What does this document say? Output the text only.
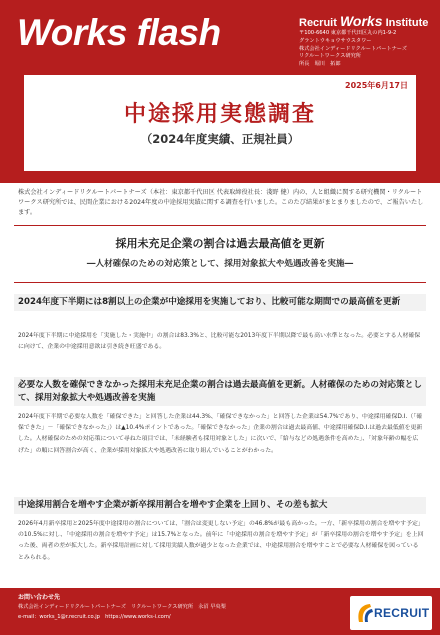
Works flash	Recruit Works Institute
〒100-6640 東京都千代田区丸の内1-9-2
グラントウキョウサウスタワー
株式会社インディードリクルートパートナーズ
リクルートワークス研究所
所長　堀川　拓郎
2025年6月17日
中途採用実態調査
（2024年度実績、正規社員）

株式会社インディードリクルートパートナーズ（本社：東京都千代田区 代表取締役社長：淺野 健）内の、人と組織に関する研究機関・リクルートワークス研究所では、民間企業における2024年度の中途採用実績に関する調査を行いました。このたび結果がまとまりましたので、ご報告いたします。

採用未充足企業の割合は過去最高値を更新
―人材確保のための対応策として、採用対象拡大や処遇改善を実施―
2024年度下半期には8割以上の企業が中途採用を実施しており、比較可能な期間での最高値を更新

2024年度下半期に中途採用を「実施した・実施中」の割合は83.3%と、比較可能な2013年度下半期以降で最も高い水準となった。必要とする人材確保に向けて、企業の中途採用意欲は引き続き旺盛である。

必要な人数を確保できなかった採用未充足企業の割合は過去最高値を更新。人材確保のための対応策として、採用対象拡大や処遇改善を実施

2024年度下半期で必要な人数を「確保できた」と回答した企業は44.3%、「確保できなかった」と回答した企業は54.7%であり、中途採用確保D.I.（「確保できた」－「確保できなかった」）は▲10.4%ポイントであった。「確保できなかった」企業の割合は過去最高値、中途採用確保D.I.は過去最低値を更新した。人材確保のための対応策について尋ねた項目では、「未経験者も採用対象とした」に次いで、「給与などの処遇条件を高めた」、「対象年齢の幅を広げた」の順に回答割合が高く、企業が採用対象拡大や処遇改善に取り組んでいることがわかった。

中途採用割合を増やす企業が新卒採用割合を増やす企業を上回り、その差も拡大

2026年4月新卒採用と2025年度中途採用の割合については、「割合は変更しない予定」の46.8%が最も高かった。一方、「新卒採用の割合を増やす予定」の10.5%に対し、「中途採用の割合を増やす予定」は15.7%となった。前年に「中途採用の割合を増やす予定」が「新卒採用の割合を増やす予定」を上回った後、両者の差が拡大した。新卒採用計画に対して採用実績人数が過少となった企業では、中途採用割合を増やすことで必要な人材確保を図っているとみられる。

お問い合わせ先
株式会社インディードリクルートパートナーズ　リクルートワークス研究所　永沼 早央梨
e-mail：works_1@r.recruit.co.jp　https://www.works-i.com/	RECRUIT
